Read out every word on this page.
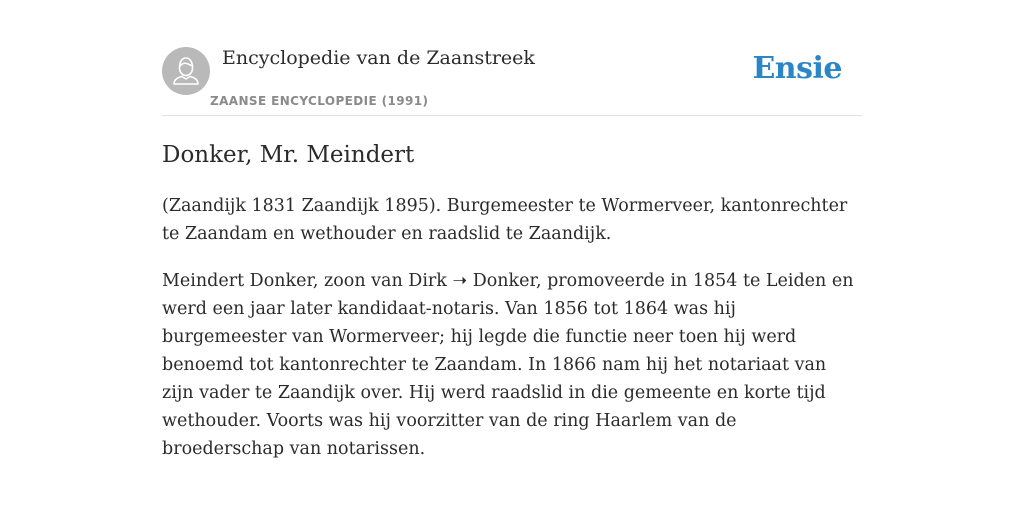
Encyclopedie van de Zaanstreek
ZAANSE ENCYCLOPEDIE (1991)
Ensie
Donker, Mr. Meindert

(Zaandijk 1831 Zaandijk 1895). Burgemeester te Wormerveer, kantonrechter te Zaandam en wethouder en raadslid te Zaandijk.

Meindert Donker, zoon van Dirk ➝ Donker, promoveerde in 1854 te Leiden en werd een jaar later kandidaat-notaris. Van 1856 tot 1864 was hij burgemeester van Wormerveer; hij legde die functie neer toen hij werd benoemd tot kantonrechter te Zaandam. In 1866 nam hij het notariaat van zijn vader te Zaandijk over. Hij werd raadslid in die gemeente en korte tijd wethouder. Voorts was hij voorzitter van de ring Haarlem van de broederschap van notarissen.
